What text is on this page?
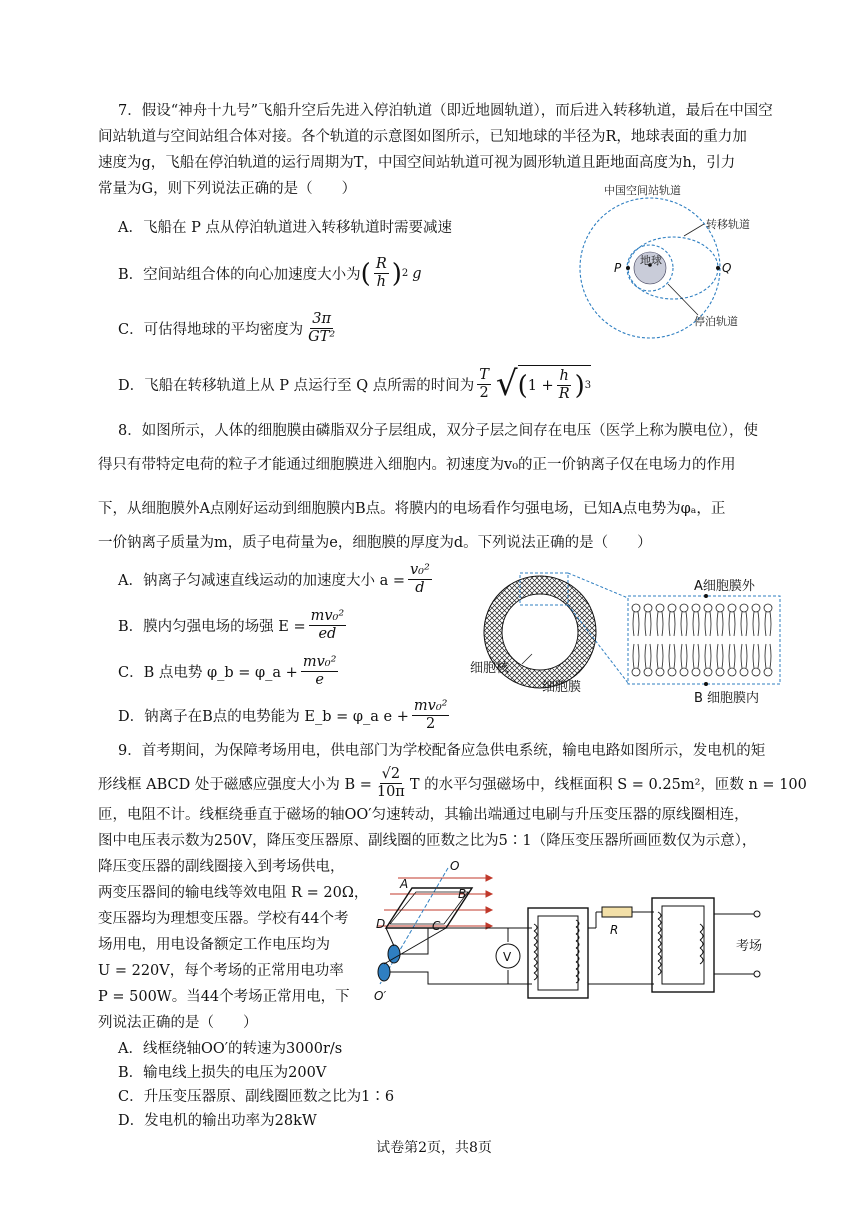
7．假设“神舟十九号”飞船升空后先进入停泊轨道（即近地圆轨道），而后进入转移轨道，最后在中国空
间站轨道与空间站组合体对接。各个轨道的示意图如图所示，已知地球的半径为R，地球表面的重力加
速度为g，飞船在停泊轨道的运行周期为T，中国空间站轨道可视为圆形轨道且距地面高度为h，引力
常量为G，则下列说法正确的是（　　）
A．飞船在 P 点从停泊轨道进入转移轨道时需要减速
B．空间站组合体的向心加速度大小为 ( $\frac{R}{h}$ ) 2 g
C．可估得地球的平均密度为 $\frac{3\pi}{\text{GT²}}$
D．飞船在转移轨道上从 P 点运行至 Q 点所需的时间为 $\frac{T}{2}$ √ ( $1 + \frac{h}{R}$ ) 3
中国空间站轨道
转移轨道
地球
停泊轨道
P	Q
8．如图所示，人体的细胞膜由磷脂双分子层组成，双分子层之间存在电压（医学上称为膜电位），使
得只有带特定电荷的粒子才能通过细胞膜进入细胞内。初速度为v₀的正一价钠离子仅在电场力的作用
下，从细胞膜外A点刚好运动到细胞膜内B点。将膜内的电场看作匀强电场，已知A点电势为φₐ，正
一价钠离子质量为m，质子电荷量为e，细胞膜的厚度为d。下列说法正确的是（　　）
A．钠离子匀减速直线运动的加速度大小 $a = \frac{\text{v₀²}}{d}$
B．膜内匀强电场的场强 $E = \frac{\text{mv₀²}}{ed}$
C．B 点电势 φ_b = φ_a + $\frac{\text{mv₀²}}{e}$
D．钠离子在B点的电势能为 E_b = φ_a $e + \frac{\text{mv₀²}}{2}$
细胞核
细胞膜
A细胞膜外
B 细胞膜内
9．首考期间，为保障考场用电，供电部门为学校配备应急供电系统，输电电路如图所示，发电机的矩
形线框 ABCD 处于磁感应强度大小为 $B = \frac{√2}{10\pi}$ T 的水平匀强磁场中，线框面积 S = 0.25m²，匝数 n = 100
匝，电阻不计。线框绕垂直于磁场的轴OO′匀速转动，其输出端通过电刷与升压变压器的原线圈相连，
图中电压表示数为250V，降压变压器原、副线圈的匝数之比为5∶1（降压变压器所画匝数仅为示意），
降压变压器的副线圈接入到考场供电，
两变压器间的输电线等效电阻 R = 20Ω，
变压器均为理想变压器。学校有44个考
场用电，用电设备额定工作电压均为
U = 220V，每个考场的正常用电功率
P = 500W。当44个考场正常用电，下
列说法正确的是（　　）
A．线框绕轴OO′的转速为3000r/s
B．输电线上损失的电压为200V
C．升压变压器原、副线圈匝数之比为1∶6
D．发电机的输出功率为28kW
V
R
考场
O
O′
A
B
D	C
试卷第2页，共8页
